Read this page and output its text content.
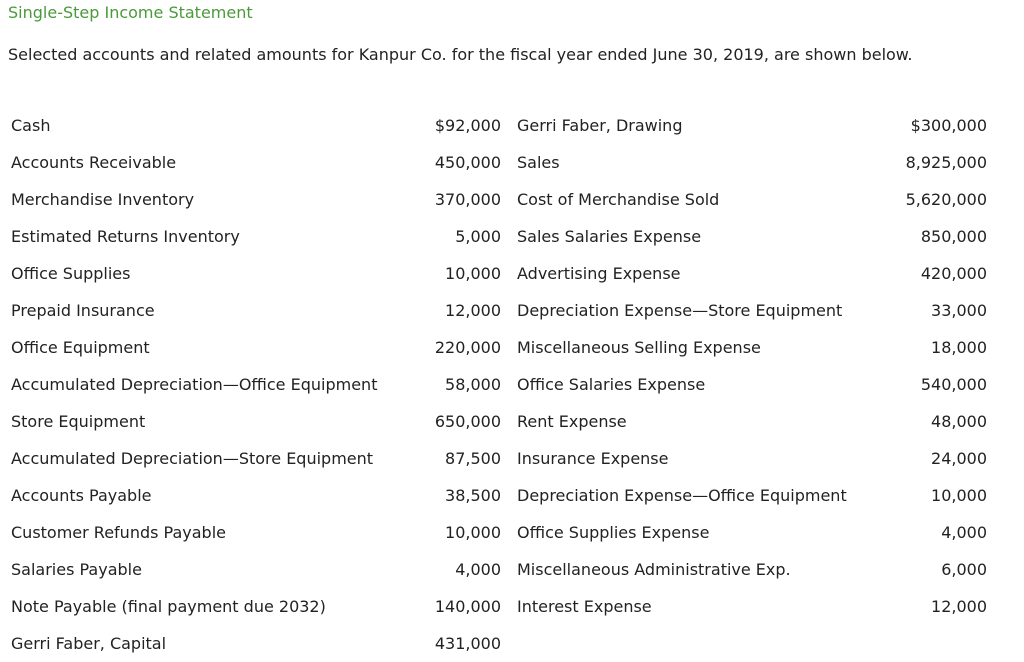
Single-Step Income Statement
Selected accounts and related amounts for Kanpur Co. for the fiscal year ended June 30, 2019, are shown below.
Cash	$92,000 Gerri Faber, Drawing	$300,000
Accounts Receivable	450,000 Sales	8,925,000
Merchandise Inventory	370,000 Cost of Merchandise Sold	5,620,000
Estimated Returns Inventory	5,000 Sales Salaries Expense	850,000
Office Supplies	10,000 Advertising Expense	420,000
Prepaid Insurance	12,000 Depreciation Expense—Store Equipment	33,000
Office Equipment	220,000 Miscellaneous Selling Expense	18,000
Accumulated Depreciation—Office Equipment	58,000 Office Salaries Expense	540,000
Store Equipment	650,000 Rent Expense	48,000
Accumulated Depreciation—Store Equipment	87,500 Insurance Expense	24,000
Accounts Payable	38,500 Depreciation Expense—Office Equipment	10,000
Customer Refunds Payable	10,000 Office Supplies Expense	4,000
Salaries Payable	4,000 Miscellaneous Administrative Exp.	6,000
Note Payable (final payment due 2032)	140,000 Interest Expense	12,000
Gerri Faber, Capital	431,000
